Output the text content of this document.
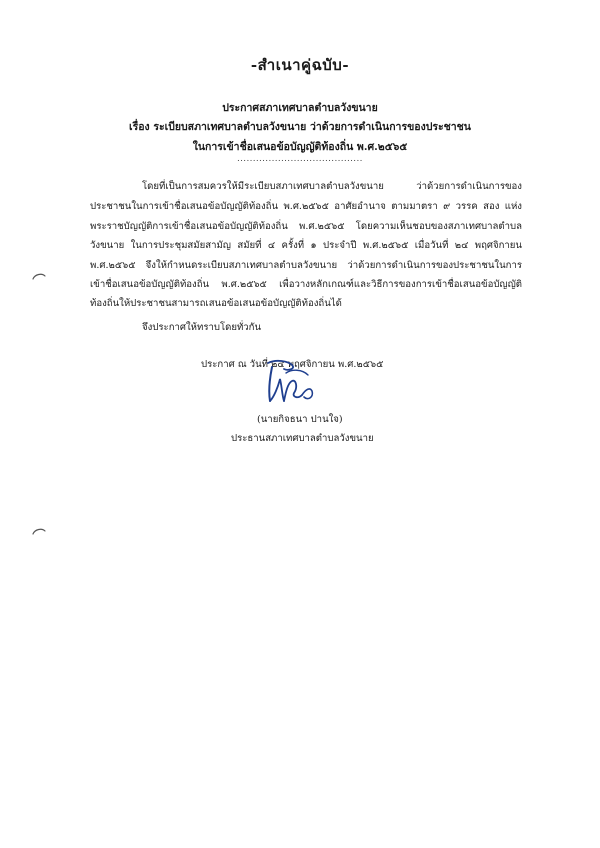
-สำเนาคู่ฉบับ-
ประกาศสภาเทศบาลตำบลวังขนาย
เรื่อง ระเบียบสภาเทศบาลตำบลวังขนาย ว่าด้วยการดำเนินการของประชาชน
ในการเข้าชื่อเสนอข้อบัญญัติท้องถิ่น พ.ศ.๒๕๖๕
........................................
โดยที่เป็นการสมควรให้มีระเบียบสภาเทศบาลตำบลวังขนาย ว่าด้วยการดำเนินการของ
ประชาชนในการเข้าชื่อเสนอข้อบัญญัติท้องถิ่น พ.ศ.๒๕๖๕ อาศัยอำนาจ ตามมาตรา ๙ วรรค สอง แห่ง
พระราชบัญญัติการเข้าชื่อเสนอข้อบัญญัติท้องถิ่น พ.ศ.๒๕๖๕ โดยความเห็นชอบของสภาเทศบาลตำบล
วังขนาย ในการประชุมสมัยสามัญ สมัยที่ ๔ ครั้งที่ ๑ ประจำปี พ.ศ.๒๕๖๕ เมื่อวันที่ ๒๔ พฤศจิกายน
พ.ศ.๒๕๖๕ จึงให้กำหนดระเบียบสภาเทศบาลตำบลวังขนาย ว่าด้วยการดำเนินการของประชาชนในการ
เข้าชื่อเสนอข้อบัญญัติท้องถิ่น พ.ศ.๒๕๖๕ เพื่อวางหลักเกณฑ์และวิธีการของการเข้าชื่อเสนอข้อบัญญัติ
ท้องถิ่นให้ประชาชนสามารถเสนอข้อเสนอข้อบัญญัติท้องถิ่นได้
จึงประกาศให้ทราบโดยทั่วกัน
ประกาศ ณ วันที่ ๒๔ พฤศจิกายน พ.ศ.๒๕๖๕
(นายกิจธนา ปานใจ)
ประธานสภาเทศบาลตำบลวังขนาย
